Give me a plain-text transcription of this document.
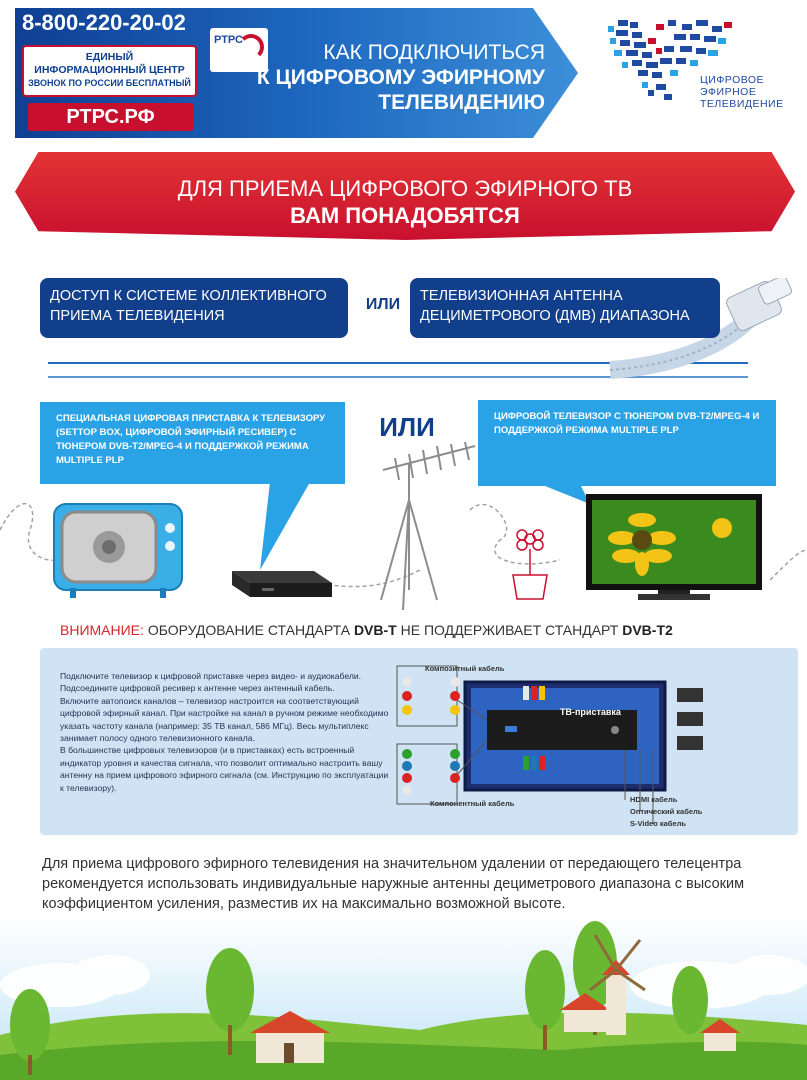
8-800-220-20-02
ЕДИНЫЙ
ИНФОРМАЦИОННЫЙ ЦЕНТР
ЗВОНОК ПО РОССИИ БЕСПЛАТНЫЙ
РТРС.РФ
РТРС
КАК ПОДКЛЮЧИТЬСЯ
К ЦИФРОВОМУ ЭФИРНОМУ
ТЕЛЕВИДЕНИЮ
ЦИФРОВОЕ
ЭФИРНОЕ
ТЕЛЕВИДЕНИЕ
ДЛЯ ПРИЕМА ЦИФРОВОГО ЭФИРНОГО ТВ
ВАМ ПОНАДОБЯТСЯ
ДОСТУП К СИСТЕМЕ КОЛЛЕКТИВНОГО ПРИЕМА ТЕЛЕВИДЕНИЯ
ИЛИ	ТЕЛЕВИЗИОННАЯ АНТЕННА ДЕЦИМЕТРОВОГО (ДМВ) ДИАПАЗОНА
СПЕЦИАЛЬНАЯ ЦИФРОВАЯ ПРИСТАВКА К ТЕЛЕВИЗОРУ (SETTOP BOX, ЦИФРОВОЙ ЭФИРНЫЙ РЕСИВЕР) С ТЮНЕРОМ DVB-T2/MPEG-4 И ПОДДЕРЖКОЙ РЕЖИМА MULTIPLE PLP
ИЛИ	ЦИФРОВОЙ ТЕЛЕВИЗОР С ТЮНЕРОМ DVB-T2/MPEG-4 И ПОДДЕРЖКОЙ РЕЖИМА MULTIPLE PLP
ВНИМАНИЕ: ОБОРУДОВАНИЕ СТАНДАРТА DVB-T НЕ ПОДДЕРЖИВАЕТ СТАНДАРТ DVB-T2

Подключите телевизор к цифровой приставке через видео- и аудиокабели.

Подсоедините цифровой ресивер к антенне через антенный кабель.

Включите автопоиск каналов – телевизор настроится на соответствующий цифровой эфирный канал. При настройке на канал в ручном режиме необходимо указать частоту канала (например: 35 ТВ канал, 586 МГц). Весь мультиплекс занимает полосу одного телевизионного канала.

В большинстве цифровых телевизоров (и в приставках) есть встроенный индикатор уровня и качества сигнала, что позволит оптимально настроить вашу антенну на прием цифрового эфирного сигнала (см. Инструкцию по эксплуатации к телевизору).

Композитный кабель
Компонентный кабель
ТВ-приставка
HDMI кабель
Оптический кабель
S-Video кабель
Для приема цифрового эфирного телевидения на значительном удалении от передающего телецентра рекомендуется использовать индивидуальные наружные антенны дециметрового диапазона с высоким коэффициентом усиления, разместив их на максимально возможной высоте.
